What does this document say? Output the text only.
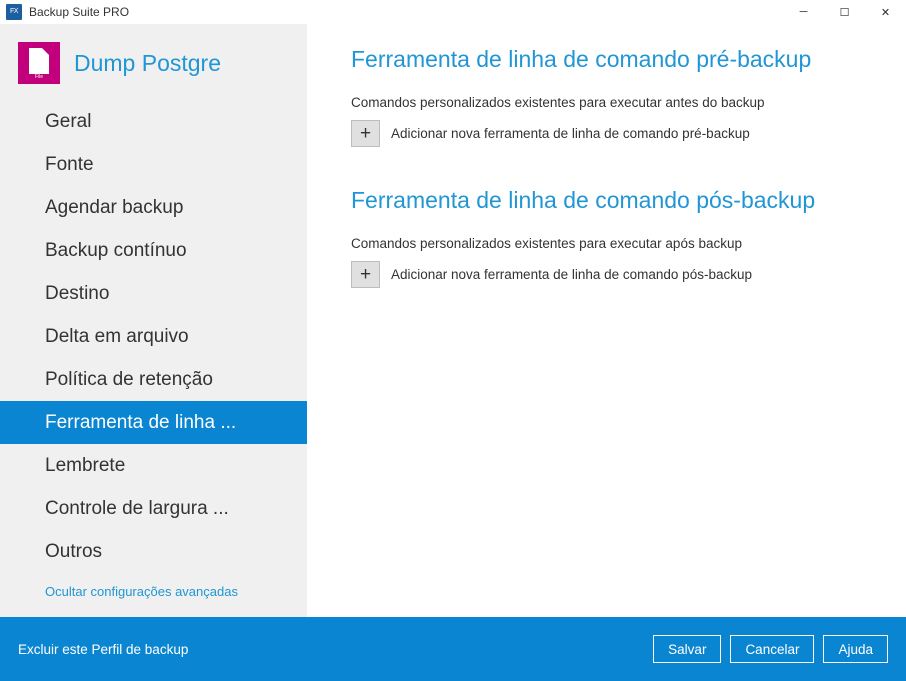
FX Backup Suite PRO	─	☐	✕
File
Dump Postgre
Geral
Fonte
Agendar backup
Backup contínuo
Destino
Delta em arquivo
Política de retenção
Ferramenta de linha ...
Lembrete
Controle de largura ...
Outros
Ocultar configurações avançadas
Ferramenta de linha de comando pré-backup
Comandos personalizados existentes para executar antes do backup
+	Adicionar nova ferramenta de linha de comando pré-backup
Ferramenta de linha de comando pós-backup
Comandos personalizados existentes para executar após backup
+	Adicionar nova ferramenta de linha de comando pós-backup
Excluir este Perfil de backup	Salvar	Cancelar	Ajuda
